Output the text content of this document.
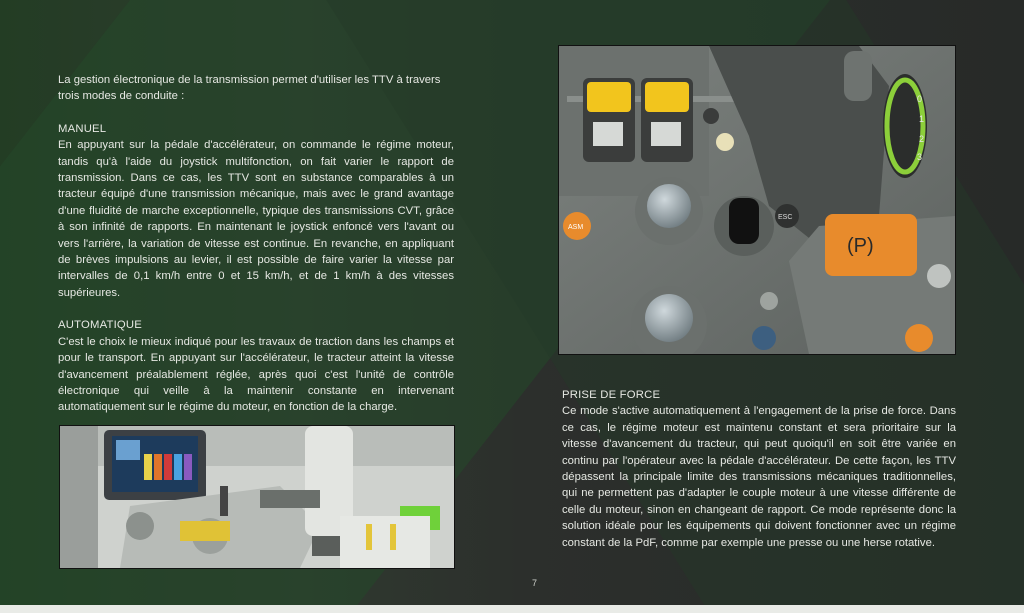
La gestion électronique de la transmission permet d'utiliser les TTV à travers trois modes de conduite :

MANUEL

En appuyant sur la pédale d'accélérateur, on commande le régime moteur, tandis qu'à l'aide du joystick multifonction, on fait varier le rapport de transmission. Dans ce cas, les TTV sont en substance comparables à un tracteur équipé d'une transmission mécanique, mais avec le grand avantage d'une fluidité de marche exceptionnelle, typique des transmissions CVT, grâce à son infinité de rapports. En maintenant le joystick enfoncé vers l'avant ou vers l'arrière, la variation de vitesse est continue. En revanche, en appliquant de brèves impulsions au levier, il est possible de faire varier la vitesse par intervalles de 0,1 km/h entre 0 et 15 km/h, et de 1 km/h à des vitesses supérieures.

AUTOMATIQUE

C'est le choix le mieux indiqué pour les travaux de traction dans les champs et pour le transport. En appuyant sur l'accélérateur, le tracteur atteint la vitesse d'avancement préalablement réglée, après quoi c'est l'unité de contrôle électronique qui veille à la maintenir constante en intervenant automatiquement sur le régime du moteur, en fonction de la charge.

0
1
2
3
ASM
ESC
(P)

PRISE DE FORCE

Ce mode s'active automatiquement à l'engagement de la prise de force. Dans ce cas, le régime moteur est maintenu constant et sera prioritaire sur la vitesse d'avancement du tracteur, qui peut quoiqu'il en soit être variée en continu par l'opérateur avec la pédale d'accélérateur. De cette façon, les TTV dépassent la principale limite des transmissions mécaniques traditionnelles, qui ne permettent pas d'adapter le couple moteur à une vitesse différente de celle du moteur, sinon en changeant de rapport. Ce mode représente donc la solution idéale pour les équipements qui doivent fonctionner avec un régime constant de la PdF, comme par exemple une presse ou une herse rotative.

7
